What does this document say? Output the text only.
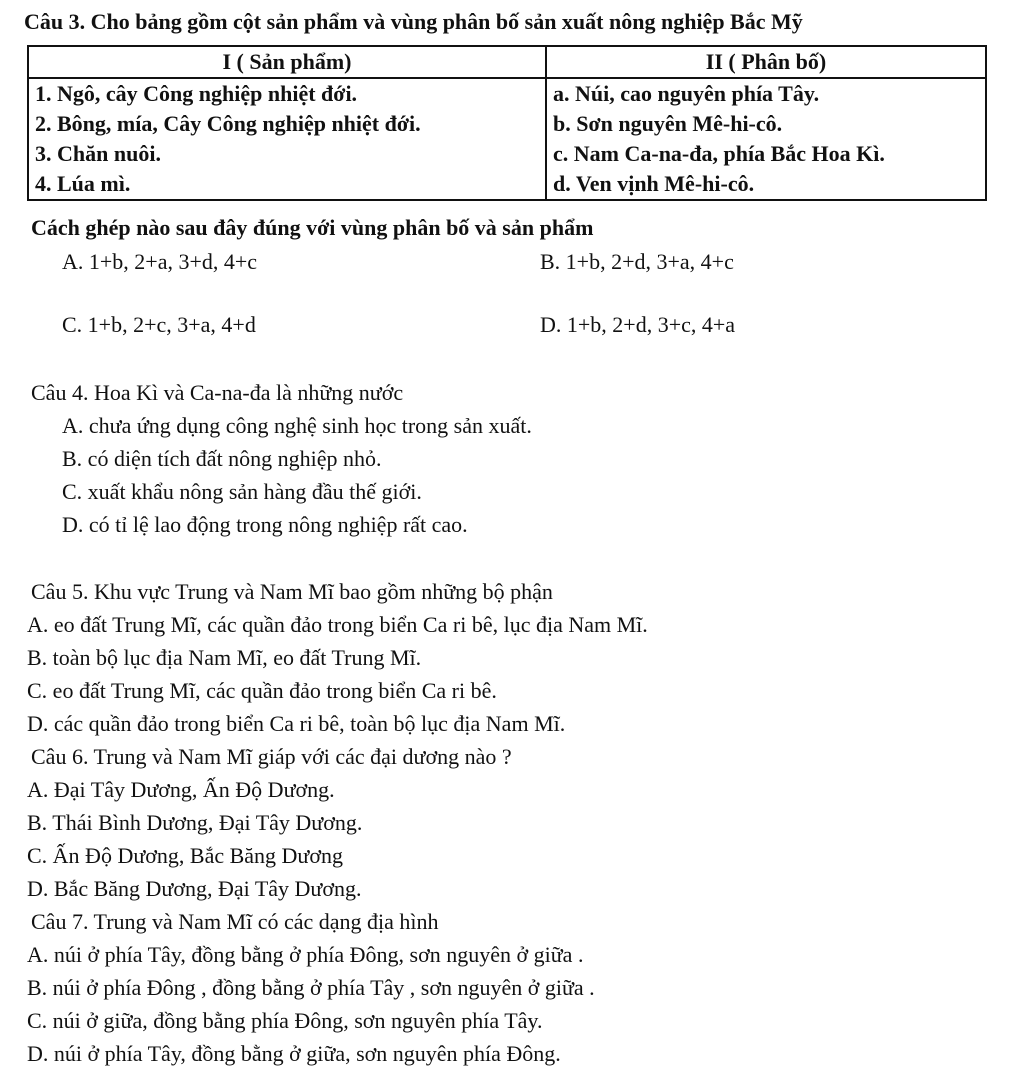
Câu 3. Cho bảng gồm cột sản phẩm và vùng phân bố sản xuất nông nghiệp Bắc Mỹ
I ( Sản phẩm)	II ( Phân bố)
1. Ngô, cây Công nghiệp nhiệt đới.	a. Núi, cao nguyên phía Tây.
2. Bông, mía, Cây Công nghiệp nhiệt đới.	b. Sơn nguyên Mê-hi-cô.
3. Chăn nuôi.	c. Nam Ca-na-đa, phía Bắc Hoa Kì.
4. Lúa mì.	d. Ven vịnh Mê-hi-cô.
Cách ghép nào sau đây đúng với vùng phân bố và sản phẩm
A. 1+b, 2+a, 3+d, 4+c	B. 1+b, 2+d, 3+a, 4+c
C. 1+b, 2+c, 3+a, 4+d	D. 1+b, 2+d, 3+c, 4+a
Câu 4. Hoa Kì và Ca-na-đa là những nước
A. chưa ứng dụng công nghệ sinh học trong sản xuất.
B. có diện tích đất nông nghiệp nhỏ.
C. xuất khẩu nông sản hàng đầu thế giới.
D. có tỉ lệ lao động trong nông nghiệp rất cao.
Câu 5. Khu vực Trung và Nam Mĩ bao gồm những bộ phận
A. eo đất Trung Mĩ, các quần đảo trong biển Ca ri bê, lục địa Nam Mĩ.
B. toàn bộ lục địa Nam Mĩ, eo đất Trung Mĩ.
C. eo đất Trung Mĩ, các quần đảo trong biển Ca ri bê.
D. các quần đảo trong biển Ca ri bê, toàn bộ lục địa Nam Mĩ.
Câu 6. Trung và Nam Mĩ giáp với các đại dương nào ?
A. Đại Tây Dương, Ấn Độ Dương.
B. Thái Bình Dương, Đại Tây Dương.
C. Ấn Độ Dương, Bắc Băng Dương
D. Bắc Băng Dương, Đại Tây Dương.
Câu 7. Trung và Nam Mĩ có các dạng địa hình
A. núi ở phía Tây, đồng bằng ở phía Đông, sơn nguyên ở giữa .
B. núi ở phía Đông , đồng bằng ở phía Tây , sơn nguyên ở giữa .
C. núi ở giữa, đồng bằng phía Đông, sơn nguyên phía Tây.
D. núi ở phía Tây, đồng bằng ở giữa, sơn nguyên phía Đông.
